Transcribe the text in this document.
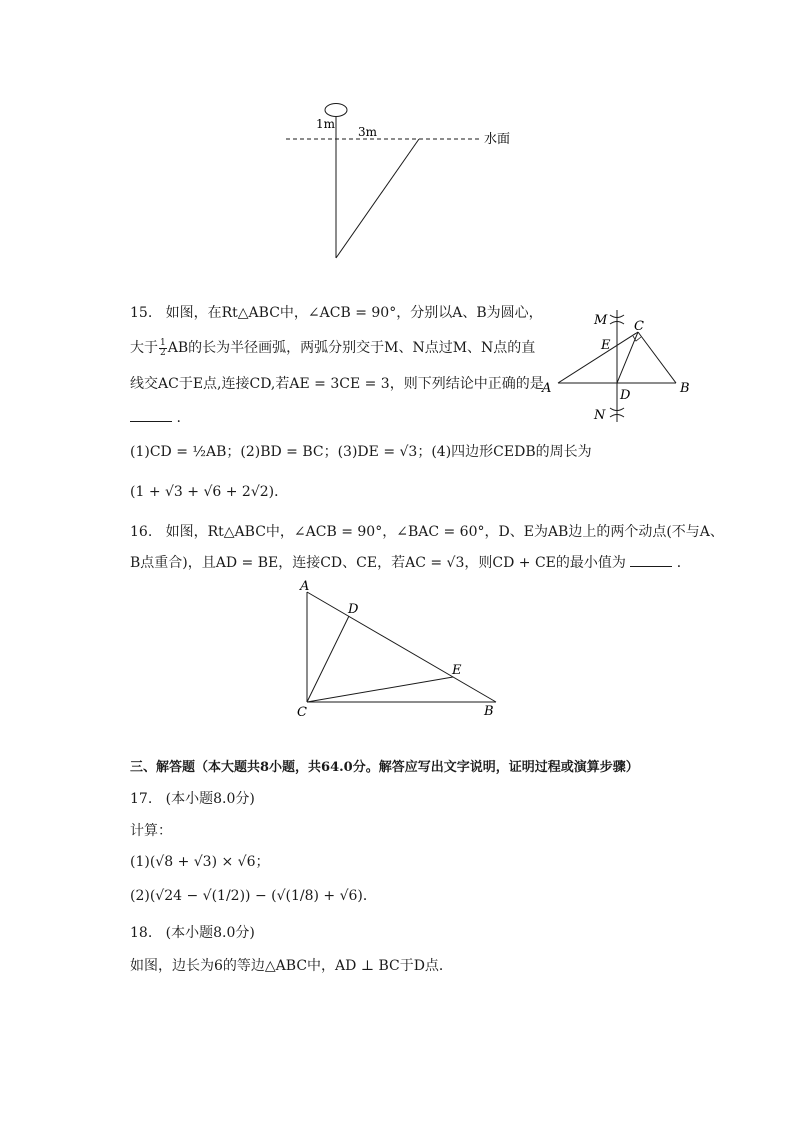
1m
3m	水面
15. 如图，在Rt△ABC中，∠ACB = 90°，分别以A、B为圆心，
大于 $\frac{1}{2}$ AB的长为半径画弧，两弧分别交于M、N点过M、N点的直
线交AC于E点,连接CD,若AE = 3CE = 3，则下列结论中正确的是
.
(1)CD = ½AB；(2)BD = BC；(3)DE = √3；(4)四边形CEDB的周长为
(1 + √3 + √6 + 2√2)．
M C
E
A	D	B
N
16. 如图，Rt△ABC中，∠ACB = 90°，∠BAC = 60°，D、E为AB边上的两个动点(不与A、
B点重合)，且AD = BE，连接CD、CE，若AC = √3，则CD + CE的最小值为	．
A
D
E
C	B
三、解答题（本大题共8小题，共64.0分。解答应写出文字说明，证明过程或演算步骤）
17. (本小题8.0分)
计算：
(1)(√8 + √3) × √6；
(2)(√24 − √(1/2)) − (√(1/8) + √6)．
18. (本小题8.0分)
如图，边长为6的等边△ABC中，AD ⊥ BC于D点．
